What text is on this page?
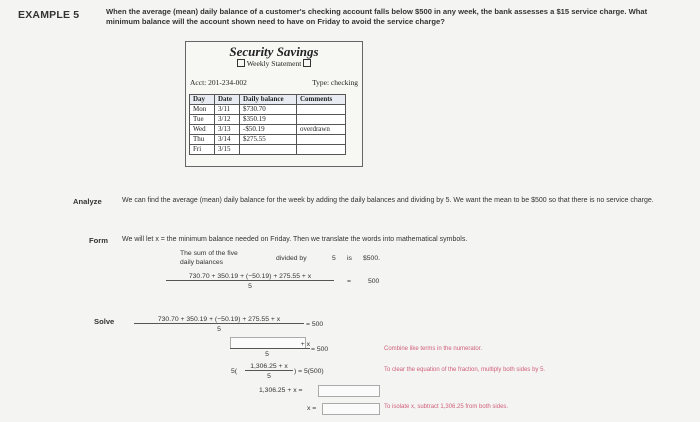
EXAMPLE 5	When the average (mean) daily balance of a customer's checking account falls below $500 in any week, the bank assesses a $15 service charge. What minimum balance will the account shown need to have on Friday to avoid the service charge?
Security Savings
Weekly Statement
Acct: 201-234-002	Type: checking
Day	Date	Daily balance	Comments
Mon	3/11	$730.70	
Tue	3/12	$350.19	
Wed	3/13	-$50.19	overdrawn
Thu	3/14	$275.55	
Fri	3/15		
Analyze	We can find the average (mean) daily balance for the week by adding the daily balances and dividing by 5. We want the mean to be $500 so that there is no service charge.
Form We will let x = the minimum balance needed on Friday. Then we translate the words into mathematical symbols.
The sum of the five
daily balances
divided by	5 is $500.
730.70 + 350.19 + (−50.19) + 275.55 + x
5
=	500
Solve	730.70 + 350.19 + (−50.19) + 275.55 + x
5
= 500
+ x
5
= 500
5(
1,306.25 + x
5
) = 5(500)
1,306.25 + x =
x =
Combine like terms in the numerator.
To clear the equation of the fraction, multiply both sides by 5.
To isolate x, subtract 1,306.25 from both sides.
